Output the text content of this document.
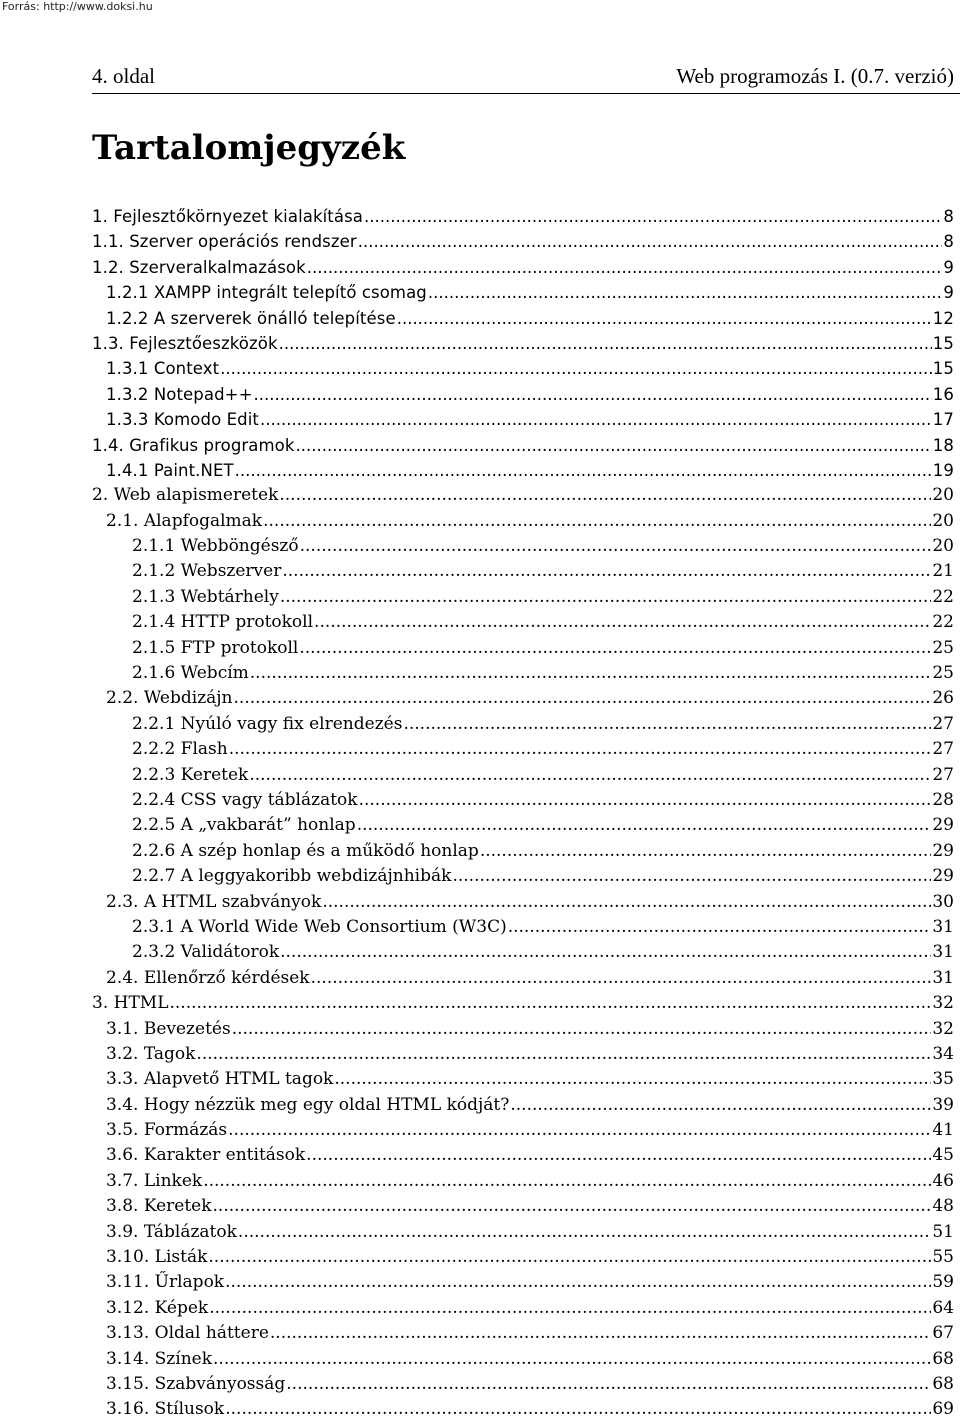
Forrás: http://www.doksi.hu
4. oldal	Web programozás I. (0.7. verzió)
Tartalomjegyzék
1. Fejlesztőkörnyezet kialakítása .....	8
1.1. Szerver operációs rendszer .....	8
1.2. Szerveralkalmazások .....	9
1.2.1 XAMPP integrált telepítő csomag .....	9
1.2.2 A szerverek önálló telepítése .....	12
1.3. Fejlesztőeszközök .....	15
1.3.1 Context .....	15
1.3.2 Notepad++ .....	16
1.3.3 Komodo Edit .....	17
1.4. Grafikus programok .....	18
1.4.1 Paint.NET .....	19
2. Web alapismeretek .....	20
2.1. Alapfogalmak .....	20
2.1.1 Webböngésző .....	20
2.1.2 Webszerver .....	21
2.1.3 Webtárhely .....	22
2.1.4 HTTP protokoll .....	22
2.1.5 FTP protokoll .....	25
2.1.6 Webcím .....	25
2.2. Webdizájn .....	26
2.2.1 Nyúló vagy fix elrendezés .....	27
2.2.2 Flash .....	27
2.2.3 Keretek .....	27
2.2.4 CSS vagy táblázatok .....	28
2.2.5 A „vakbarát” honlap .....	29
2.2.6 A szép honlap és a működő honlap .....	29
2.2.7 A leggyakoribb webdizájnhibák .....	29
2.3. A HTML szabványok .....	30
2.3.1 A World Wide Web Consortium (W3C) .....	31
2.3.2 Validátorok .....	31
2.4. Ellenőrző kérdések .....	31
3. HTML .....	32
3.1. Bevezetés .....	32
3.2. Tagok .....	34
3.3. Alapvető HTML tagok .....	35
3.4. Hogy nézzük meg egy oldal HTML kódját? .....	39
3.5. Formázás .....	41
3.6. Karakter entitások .....	45
3.7. Linkek .....	46
3.8. Keretek .....	48
3.9. Táblázatok .....	51
3.10. Listák .....	55
3.11. Űrlapok .....	59
3.12. Képek .....	64
3.13. Oldal háttere .....	67
3.14. Színek .....	68
3.15. Szabványosság .....	68
3.16. Stílusok .....	69
